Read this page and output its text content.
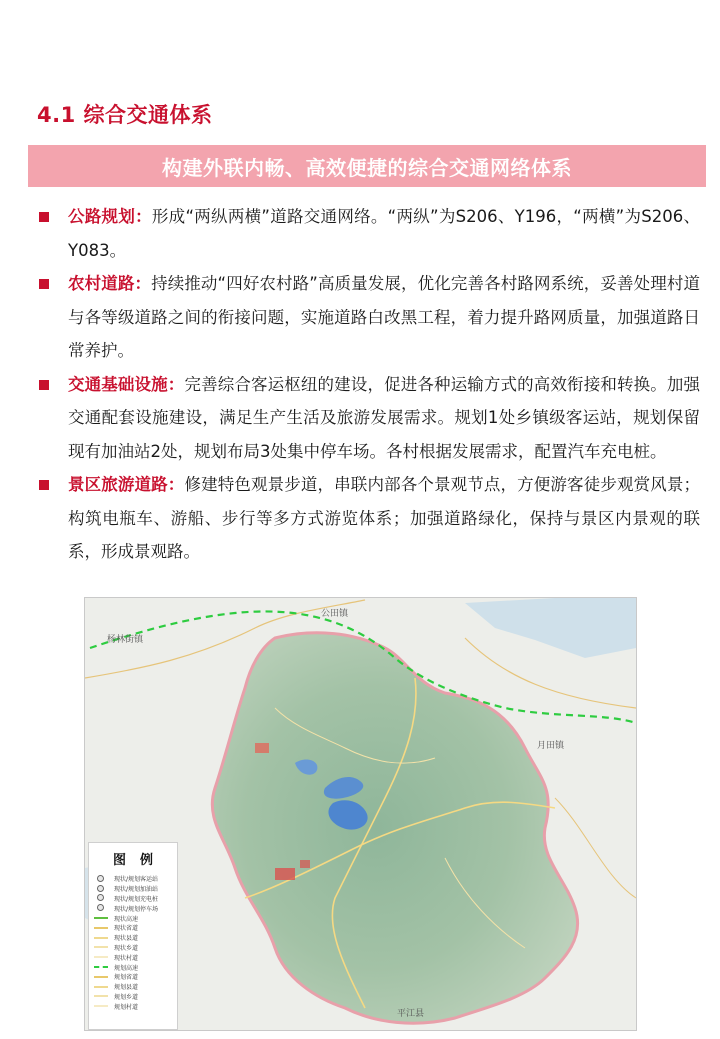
4.1 综合交通体系
构建外联内畅、高效便捷的综合交通网络体系
公路规划：形成“两纵两横”道路交通网络。“两纵”为S206、Y196，“两横”为S206、Y083。
农村道路：持续推动“四好农村路”高质量发展，优化完善各村路网系统，妥善处理村道与各等级道路之间的衔接问题，实施道路白改黑工程，着力提升路网质量，加强道路日常养护。
交通基础设施：完善综合客运枢纽的建设，促进各种运输方式的高效衔接和转换。加强交通配套设施建设，满足生产生活及旅游发展需求。规划1处乡镇级客运站，规划保留现有加油站2处，规划布局3处集中停车场。各村根据发展需求，配置汽车充电桩。
景区旅游道路：修建特色观景步道，串联内部各个景观节点，方便游客徒步观赏风景；构筑电瓶车、游船、步行等多方式游览体系；加强道路绿化，保持与景区内景观的联系，形成景观路。
公田镇
杨林街镇
月田镇
平江县
图例
现状/规划客运站
现状/规划加油站
现状/规划充电桩
现状/规划停车场
现状高速
现状省道
现状县道
现状乡道
现状村道
规划高速
规划省道
规划县道
规划乡道
规划村道
